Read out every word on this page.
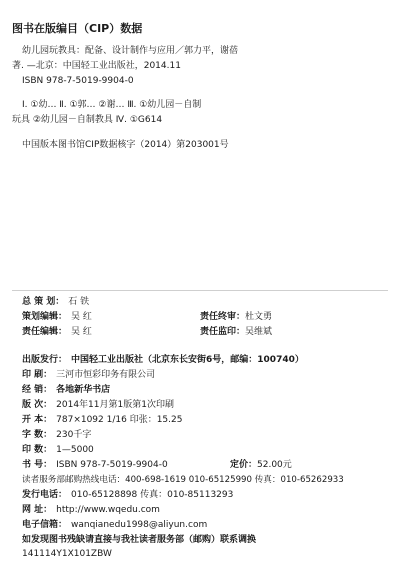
图书在版编目（CIP）数据
幼儿园玩教具：配备、设计制作与应用／郭力平，谢蓓
著. —北京：中国轻工业出版社，2014.11
ISBN 978-7-5019-9904-0
Ⅰ. ①幼… Ⅱ. ①郭… ②谢… Ⅲ. ①幼儿园－自制
玩具 ②幼儿园－自制教具 Ⅳ. ①G614
中国版本图书馆CIP数据核字（2014）第203001号
总 策 划： 石 铁
策划编辑： 吴 红	责任终审：杜文勇
责任编辑： 吴 红	责任监印：吴维斌
出版发行： 中国轻工业出版社（北京东长安街6号，邮编：100740）
印 刷： 三河市恒彩印务有限公司
经 销： 各地新华书店
版 次： 2014年11月第1版第1次印刷
开 本： 787×1092 1/16 印张：15.25
字 数： 230千字
印 数： 1—5000
书 号： ISBN 978-7-5019-9904-0	定价：52.00元
读者服务部邮购热线电话：400-698-1619 010-65125990 传真：010-65262933
发行电话： 010-65128898 传真：010-85113293
网 址： http://www.wqedu.com
电子信箱： wanqianedu1998@aliyun.com
如发现图书残缺请直接与我社读者服务部（邮购）联系调换
141114Y1X101ZBW
